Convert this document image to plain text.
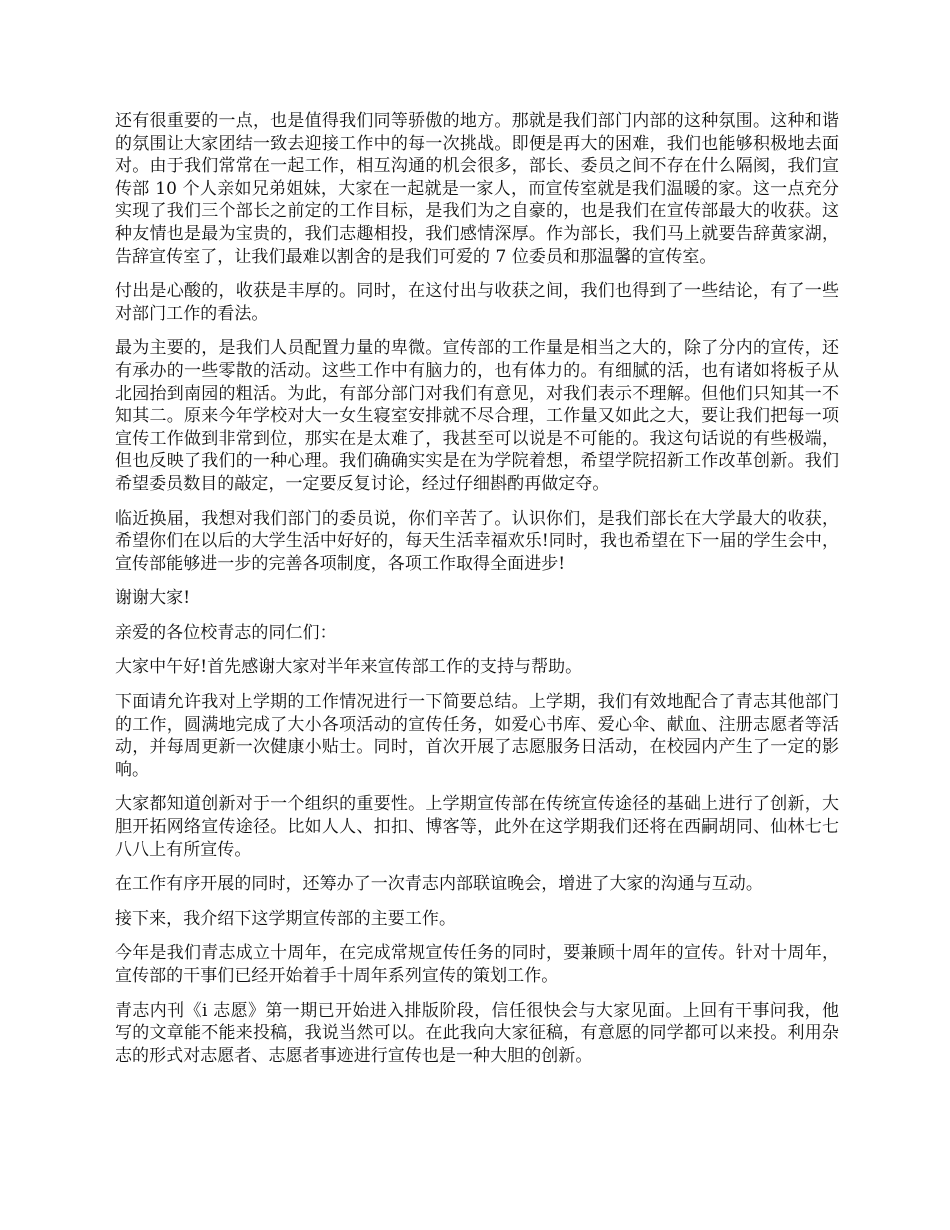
还有很重要的一点，也是值得我们同等骄傲的地方。那就是我们部门内部的这种氛围。这种和谐的氛围让大家团结一致去迎接工作中的每一次挑战。即便是再大的困难，我们也能够积极地去面对。由于我们常常在一起工作，相互沟通的机会很多，部长、委员之间不存在什么隔阂，我们宣传部 10 个人亲如兄弟姐妹，大家在一起就是一家人，而宣传室就是我们温暖的家。这一点充分实现了我们三个部长之前定的工作目标，是我们为之自豪的，也是我们在宣传部最大的收获。这种友情也是最为宝贵的，我们志趣相投，我们感情深厚。作为部长，我们马上就要告辞黄家湖，告辞宣传室了，让我们最难以割舍的是我们可爱的 7 位委员和那温馨的宣传室。

付出是心酸的，收获是丰厚的。同时，在这付出与收获之间，我们也得到了一些结论，有了一些对部门工作的看法。

最为主要的，是我们人员配置力量的卑微。宣传部的工作量是相当之大的，除了分内的宣传，还有承办的一些零散的活动。这些工作中有脑力的，也有体力的。有细腻的活，也有诸如将板子从北园抬到南园的粗活。为此，有部分部门对我们有意见，对我们表示不理解。但他们只知其一不知其二。原来今年学校对大一女生寝室安排就不尽合理，工作量又如此之大，要让我们把每一项宣传工作做到非常到位，那实在是太难了，我甚至可以说是不可能的。我这句话说的有些极端，但也反映了我们的一种心理。我们确确实实是在为学院着想，希望学院招新工作改革创新。我们希望委员数目的敲定，一定要反复讨论，经过仔细斟酌再做定夺。

临近换届，我想对我们部门的委员说，你们辛苦了。认识你们，是我们部长在大学最大的收获，希望你们在以后的大学生活中好好的，每天生活幸福欢乐!同时，我也希望在下一届的学生会中，宣传部能够进一步的完善各项制度，各项工作取得全面进步!

谢谢大家!

亲爱的各位校青志的同仁们：

大家中午好!首先感谢大家对半年来宣传部工作的支持与帮助。

下面请允许我对上学期的工作情况进行一下简要总结。上学期，我们有效地配合了青志其他部门的工作，圆满地完成了大小各项活动的宣传任务，如爱心书库、爱心伞、献血、注册志愿者等活动，并每周更新一次健康小贴士。同时，首次开展了志愿服务日活动，在校园内产生了一定的影响。

大家都知道创新对于一个组织的重要性。上学期宣传部在传统宣传途径的基础上进行了创新，大胆开拓网络宣传途径。比如人人、扣扣、博客等，此外在这学期我们还将在西嗣胡同、仙林七七八八上有所宣传。

在工作有序开展的同时，还筹办了一次青志内部联谊晚会，增进了大家的沟通与互动。

接下来，我介绍下这学期宣传部的主要工作。

今年是我们青志成立十周年，在完成常规宣传任务的同时，要兼顾十周年的宣传。针对十周年，宣传部的干事们已经开始着手十周年系列宣传的策划工作。

青志内刊《i 志愿》第一期已开始进入排版阶段，信任很快会与大家见面。上回有干事问我，他写的文章能不能来投稿，我说当然可以。在此我向大家征稿，有意愿的同学都可以来投。利用杂志的形式对志愿者、志愿者事迹进行宣传也是一种大胆的创新。
